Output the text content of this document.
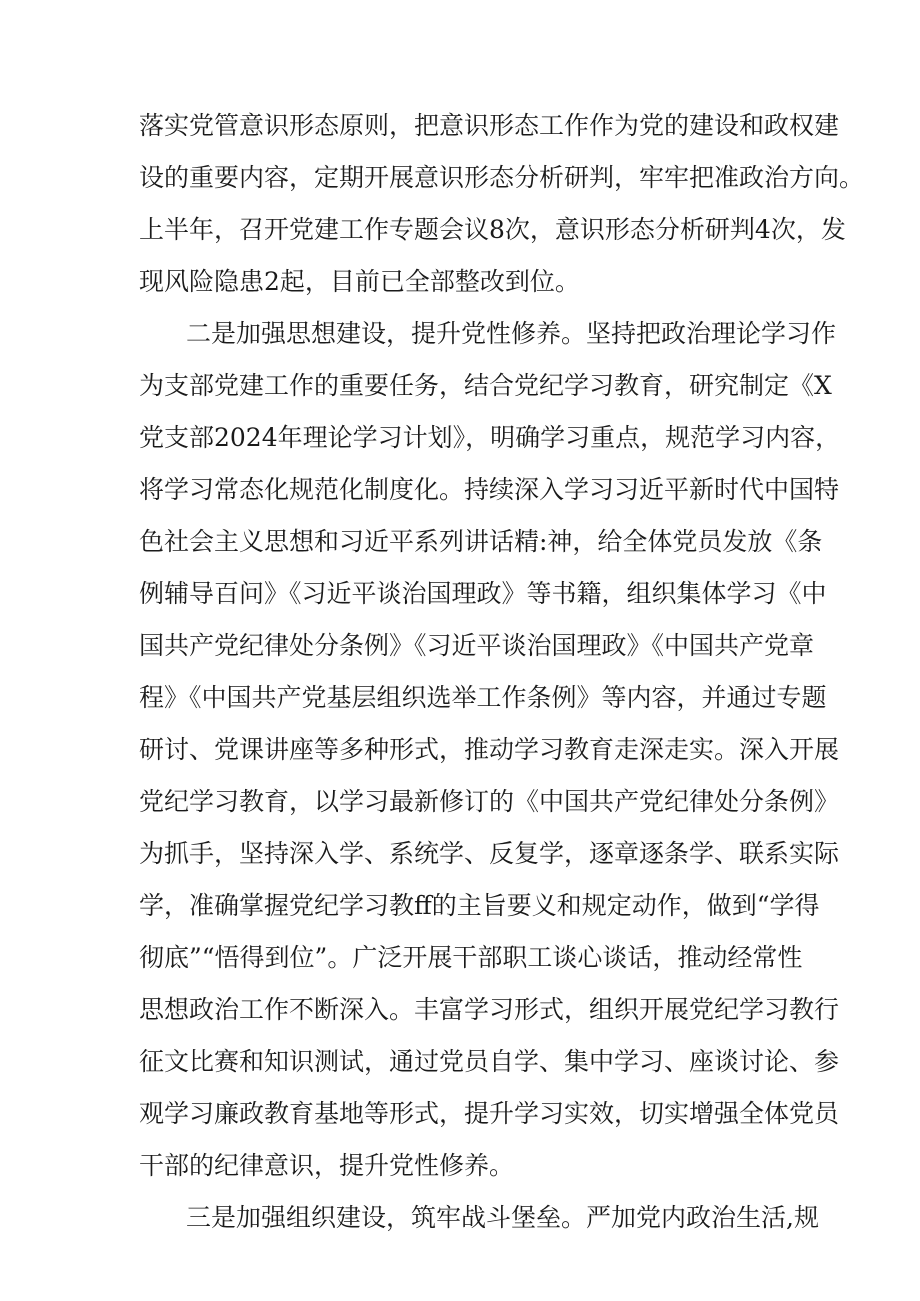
落实党管意识形态原则，把意识形态工作作为党的建设和政权建
设的重要内容，定期开展意识形态分析研判，牢牢把准政治方向。
上半年，召开党建工作专题会议8次，意识形态分析研判4次，发
现风险隐患2起，目前已全部整改到位。
二是加强思想建设，提升党性修养。坚持把政治理论学习作
为支部党建工作的重要任务，结合党纪学习教育，研究制定《X
党支部2024年理论学习计划》，明确学习重点，规范学习内容，
将学习常态化规范化制度化。持续深入学习习近平新时代中国特
色社会主义思想和习近平系列讲话精:神，给全体党员发放《条
例辅导百问》《习近平谈治国理政》等书籍，组织集体学习《中
国共产党纪律处分条例》《习近平谈治国理政》《中国共产党章
程》《中国共产党基层组织选举工作条例》等内容，并通过专题
研讨、党课讲座等多种形式，推动学习教育走深走实。深入开展
党纪学习教育，以学习最新修订的《中国共产党纪律处分条例》
为抓手，坚持深入学、系统学、反复学，逐章逐条学、联系实际
学，准确掌握党纪学习教ff的主旨要义和规定动作，做到“学得
彻底”“悟得到位”。广泛开展干部职工谈心谈话，推动经常性
思想政治工作不断深入。丰富学习形式，组织开展党纪学习教行
征文比赛和知识测试，通过党员自学、集中学习、座谈讨论、参
观学习廉政教育基地等形式，提升学习实效，切实增强全体党员
干部的纪律意识，提升党性修养。
三是加强组织建设，筑牢战斗堡垒。严加党内政治生活,规
